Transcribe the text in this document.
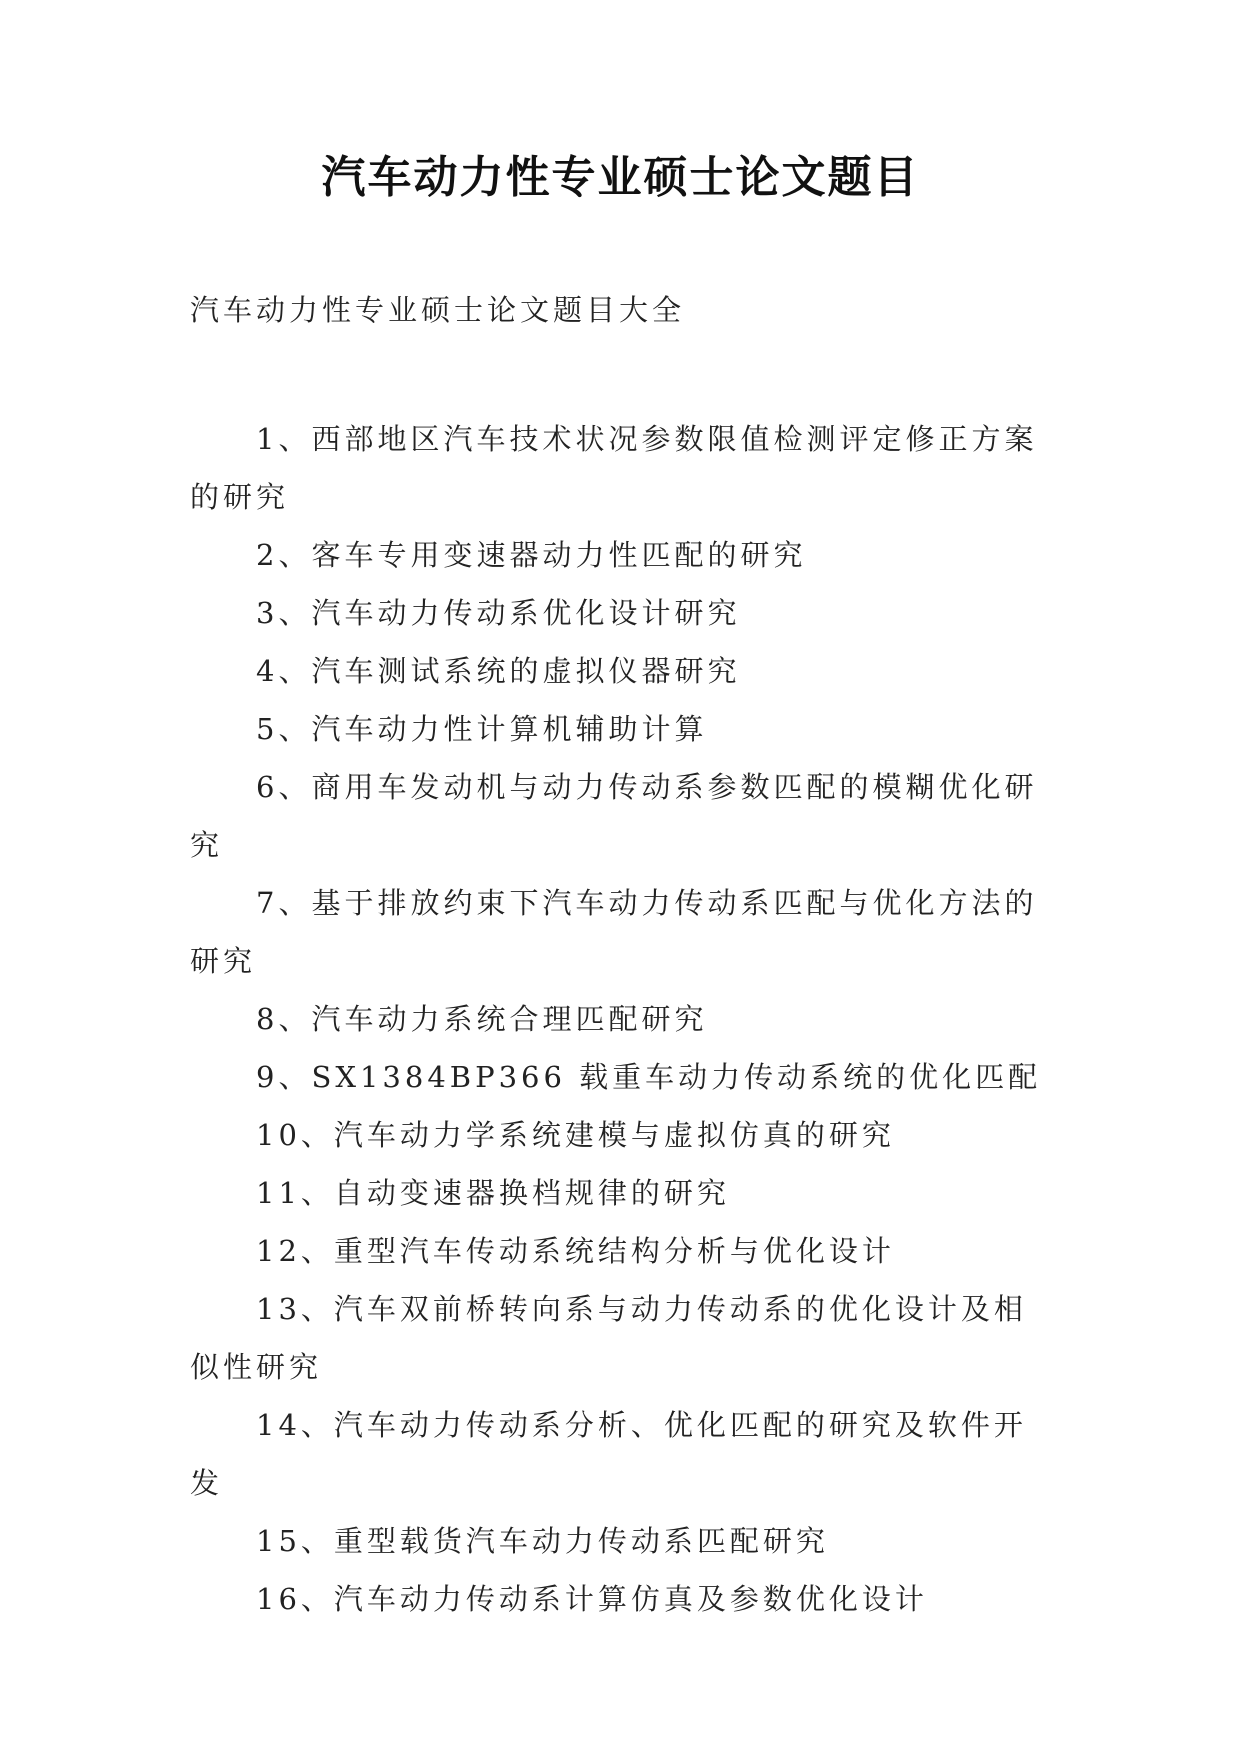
汽车动力性专业硕士论文题目

汽车动力性专业硕士论文题目大全

1、西部地区汽车技术状况参数限值检测评定修正方案的研究
2、客车专用变速器动力性匹配的研究
3、汽车动力传动系优化设计研究
4、汽车测试系统的虚拟仪器研究
5、汽车动力性计算机辅助计算
6、商用车发动机与动力传动系参数匹配的模糊优化研究
7、基于排放约束下汽车动力传动系匹配与优化方法的研究
8、汽车动力系统合理匹配研究
9、SX1384BP366 载重车动力传动系统的优化匹配
10、汽车动力学系统建模与虚拟仿真的研究
11、自动变速器换档规律的研究
12、重型汽车传动系统结构分析与优化设计
13、汽车双前桥转向系与动力传动系的优化设计及相似性研究
14、汽车动力传动系分析、优化匹配的研究及软件开发
15、重型载货汽车动力传动系匹配研究
16、汽车动力传动系计算仿真及参数优化设计
